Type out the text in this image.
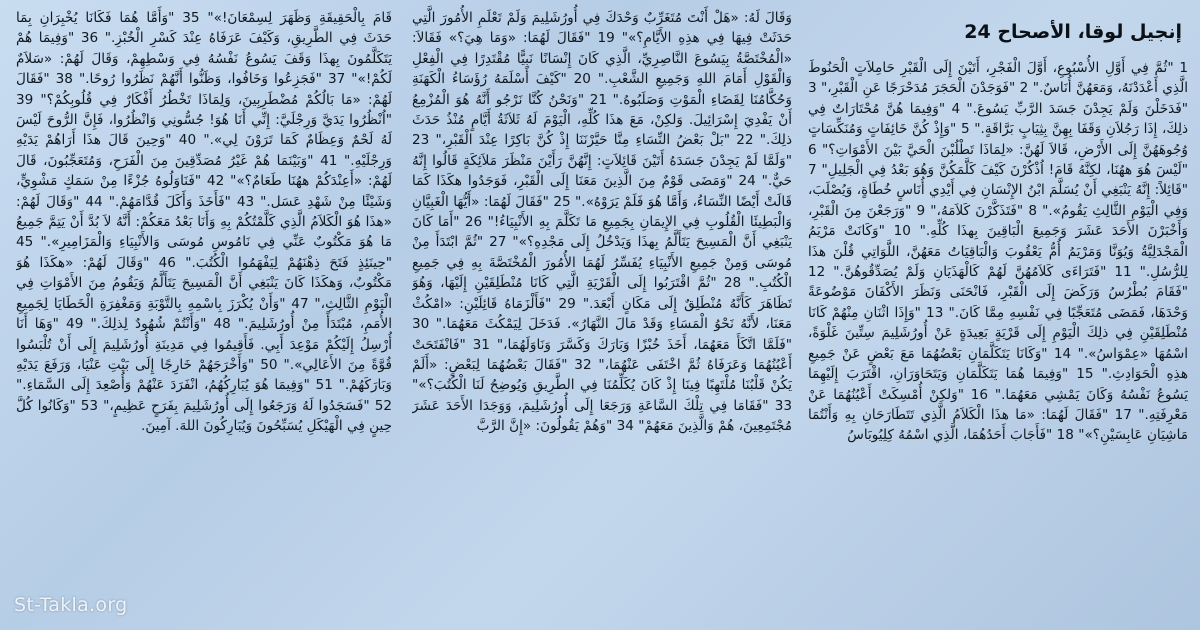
إنجيل لوقا، الأصحاح 24
1 "ثُمَّ فِي أَوَّلِ الأُسْبُوعِ، أَوَّلَ الْفَجْرِ، أَتَيْنَ إِلَى الْقَبْرِ حَامِلاَتٍ الْحَنُوطَ الَّذِي أَعْدَدْنَهُ، وَمَعَهُنَّ أُنَاسٌ." 2 "فَوَجَدْنَ الْحَجَرَ مُدَحْرَجًا عَنِ الْقَبْرِ،" 3 "فَدَخَلْنَ وَلَمْ يَجِدْنَ جَسَدَ الرَّبِّ يَسُوعَ." 4 "وَفِيمَا هُنَّ مُحْتَارَاتٌ فِي ذلِكَ، إِذَا رَجُلاَنِ وَقَفَا بِهِنَّ بِثِيَابٍ بَرَّاقَةٍ." 5 "وَإِذْ كُنَّ خَائِفَاتٍ وَمُنَكِّسَاتٍ وُجُوهَهُنَّ إِلَى الأَرْضِ، قَالاَ لَهُنَّ: «لِمَاذَا تَطْلُبْنَ الْحَيَّ بَيْنَ الأَمْوَاتِ؟" 6 "لَيْسَ هُوَ ههُنَا، لكِنَّهُ قَامَ! اُذْكُرْنَ كَيْفَ كَلَّمَكُنَّ وَهُوَ بَعْدُ فِي الْجَلِيلِ" 7 "قَائِلاً: إِنَّهُ يَنْبَغِي أَنْ يُسَلَّمَ ابْنُ الإِنْسَانِ فِي أَيْدِي أُنَاسٍ خُطَاةٍ، وَيُصْلَبَ، وَفِي الْيَوْمِ الثَّالِثِ يَقُومُ»." 8 "فَتَذَكَّرْنَ كَلاَمَهُ،" 9 "وَرَجَعْنَ مِنَ الْقَبْرِ، وَأَخْبَرْنَ الأَحَدَ عَشَرَ وَجَمِيعَ الْبَاقِينَ بِهذَا كُلِّهِ." 10 "وَكَانَتْ مَرْيَمُ الْمَجْدَلِيَّةُ وَيُوَنَّا وَمَرْيَمُ أُمُّ يَعْقُوبَ وَالْبَاقِيَاتُ مَعَهُنَّ، اللَّوَاتِي قُلْنَ هذَا لِلرُّسُلِ." 11 "فَتَرَاءَى كَلاَمُهُنَّ لَهُمْ كَالْهَذَيَانِ وَلَمْ يُصَدِّقُوهُنَّ." 12 "فَقَامَ بُطْرُسُ وَرَكَضَ إِلَى الْقَبْرِ، فَانْحَنَى وَنَظَرَ الأَكْفَانَ مَوْضُوعَةً وَحْدَهَا، فَمَضَى مُتَعَجِّبًا فِي نَفْسِهِ مِمَّا كَانَ." 13 "وَإِذَا اثْنَانِ مِنْهُمْ كَانَا مُنْطَلِقَيْنِ فِي ذلِكَ الْيَوْمِ إِلَى قَرْيَةٍ بَعِيدَةٍ عَنْ أُورُشَلِيمَ سِتِّينَ غَلْوَةً، اسْمُهَا «عِمْوَاسُ»." 14 "وَكَانَا يَتَكَلَّمَانِ بَعْضُهُمَا مَعَ بَعْضٍ عَنْ جَمِيعِ هذِهِ الْحَوَادِثِ." 15 "وَفِيمَا هُمَا يَتَكَلَّمَانِ وَيَتَحَاوَرَانِ، اقْتَرَبَ إِلَيْهِمَا يَسُوعُ نَفْسُهُ وَكَانَ يَمْشِي مَعَهُمَا." 16 "وَلكِنْ أُمْسِكَتْ أَعْيُنُهُمَا عَنْ مَعْرِفَتِهِ." 17 "فَقَالَ لَهُمَا: «مَا هذَا الْكَلاَمُ الَّذِي تَتَطَارَحَانِ بِهِ وَأَنْتُمَا مَاشِيَانِ عَابِسَيْنِ؟»" 18 "فَأَجَابَ أَحَدُهُمَا، الَّذِي اسْمُهُ كِلِيُوبَاسُ
وَقَالَ لَهُ: «هَلْ أَنْتَ مُتَغَرِّبٌ وَحْدَكَ فِي أُورُشَلِيمَ وَلَمْ تَعْلَمِ الأُمُورَ الَّتِي حَدَثَتْ فِيهَا فِي هذِهِ الأَيَّامِ؟»" 19 "فَقَالَ لَهُمَا: «وَمَا هِيَ؟» فَقَالاَ: «الْمُخْتَصَّةُ بِيَسُوعَ النَّاصِرِيِّ، الَّذِي كَانَ إِنْسَانًا نَبِيًّا مُقْتَدِرًا فِي الْفِعْلِ وَالْقَوْلِ أَمَامَ اللهِ وَجَمِيعِ الشَّعْبِ." 20 "كَيْفَ أَسْلَمَهُ رُؤَسَاءُ الْكَهَنَةِ وَحُكَّامُنَا لِقَضَاءِ الْمَوْتِ وَصَلَبُوهُ." 21 "وَنَحْنُ كُنَّا نَرْجُو أَنَّهُ هُوَ الْمُزْمِعُ أَنْ يَفْدِيَ إِسْرَائِيلَ. وَلكِنْ، مَعَ هذَا كُلِّهِ، الْيَوْمَ لَهُ ثَلاَثَةُ أَيَّامٍ مُنْذُ حَدَثَ ذلِكَ." 22 "بَلْ بَعْضُ النِّسَاءِ مِنَّا حَيَّرْنَنَا إِذْ كُنَّ بَاكِرًا عِنْدَ الْقَبْرِ،" 23 "وَلَمَّا لَمْ يَجِدْنَ جَسَدَهُ أَتَيْنَ قَائِلاَتٍ: إِنَّهُنَّ رَأَيْنَ مَنْظَرَ مَلاَئِكَةٍ قَالُوا إِنَّهُ حَيٌّ." 24 "وَمَضَى قَوْمٌ مِنَ الَّذِينَ مَعَنَا إِلَى الْقَبْرِ، فَوَجَدُوا هكَذَا كَمَا قَالَتْ أَيْضًا النِّسَاءُ، وَأَمَّا هُوَ فَلَمْ يَرَوْهُ»." 25 "فَقَالَ لَهُمَا: «أَيُّهَا الْغَبِيَّانِ وَالْبَطِيئَا الْقُلُوبِ فِي الإِيمَانِ بِجَمِيعِ مَا تَكَلَّمَ بِهِ الأَنْبِيَاءُ!" 26 "أَمَا كَانَ يَنْبَغِي أَنَّ الْمَسِيحَ يَتَأَلَّمُ بِهذَا وَيَدْخُلُ إِلَى مَجْدِهِ؟»" 27 "ثُمَّ ابْتَدَأَ مِنْ مُوسَى وَمِنْ جَمِيعِ الأَنْبِيَاءِ يُفَسِّرُ لَهُمَا الأُمُورَ الْمُخْتَصَّةَ بِهِ فِي جَمِيعِ الْكُتُبِ." 28 "ثُمَّ اقْتَرَبُوا إِلَى الْقَرْيَةِ الَّتِي كَانَا مُنْطَلِقَيْنِ إِلَيْهَا، وَهُوَ تَظَاهَرَ كَأَنَّهُ مُنْطَلِقٌ إِلَى مَكَانٍ أَبْعَدَ." 29 "فَأَلْزَمَاهُ قَائِلَيْنِ: «امْكُثْ مَعَنَا، لأَنَّهُ نَحْوُ الْمَسَاءِ وَقَدْ مَالَ النَّهَارُ». فَدَخَلَ لِيَمْكُثَ مَعَهُمَا." 30 "فَلَمَّا اتَّكَأَ مَعَهُمَا، أَخَذَ خُبْزًا وَبَارَكَ وَكَسَّرَ وَنَاوَلَهُمَا،" 31 "فَانْفَتَحَتْ أَعْيُنُهُمَا وَعَرَفَاهُ ثُمَّ اخْتَفَى عَنْهُمَا،" 32 "فَقَالَ بَعْضُهُمَا لِبَعْضٍ: «أَلَمْ يَكُنْ قَلْبُنَا مُلْتَهِبًا فِينَا إِذْ كَانَ يُكَلِّمُنَا فِي الطَّرِيقِ وَيُوضِحُ لَنَا الْكُتُبَ؟»" 33 "فَقَامَا فِي تِلْكَ السَّاعَةِ وَرَجَعَا إِلَى أُورُشَلِيمَ، وَوَجَدَا الأَحَدَ عَشَرَ مُجْتَمِعِينَ، هُمْ وَالَّذِينَ مَعَهُمْ" 34 "وَهُمْ يَقُولُونَ: «إِنَّ الرَّبَّ
قَامَ بِالْحَقِيقَةِ وَظَهَرَ لِسِمْعَانَ!»" 35 "وَأَمَّا هُمَا فَكَانَا يُخْبِرَانِ بِمَا حَدَثَ فِي الطَّرِيقِ، وَكَيْفَ عَرَفَاهُ عِنْدَ كَسْرِ الْخُبْزِ." 36 "وَفِيمَا هُمْ يَتَكَلَّمُونَ بِهذَا وَقَفَ يَسُوعُ نَفْسُهُ فِي وَسْطِهِمْ، وَقَالَ لَهُمْ: «سَلاَمٌ لَكُمْ!»" 37 "فَجَزِعُوا وَخَافُوا، وَظَنُّوا أَنَّهُمْ نَظَرُوا رُوحًا." 38 "فَقَالَ لَهُمْ: «مَا بَالُكُمْ مُضْطَرِبِينَ، وَلِمَاذَا تَخْطُرُ أَفْكَارٌ فِي قُلُوبِكُمْ؟" 39 "اُنْظُرُوا يَدَيَّ وَرِجْلَيَّ: إِنِّي أَنَا هُوَ! جُسُّونِي وَانْظُرُوا، فَإِنَّ الرُّوحَ لَيْسَ لَهُ لَحْمٌ وَعِظَامٌ كَمَا تَرَوْنَ لِي»." 40 "وَحِينَ قَالَ هذَا أَرَاهُمْ يَدَيْهِ وَرِجْلَيْهِ." 41 "وَبَيْنَمَا هُمْ غَيْرُ مُصَدِّقِينَ مِنَ الْفَرَحِ، وَمُتَعَجِّبُونَ، قَالَ لَهُمْ: «أَعِنْدَكُمْ ههُنَا طَعَامٌ؟»" 42 "فَنَاوَلُوهُ جُزْءًا مِنْ سَمَكٍ مَشْوِيٍّ، وَشَيْئًا مِنْ شَهْدِ عَسَل." 43 "فَأَخَذَ وَأَكَلَ قُدَّامَهُمْ." 44 "وَقَالَ لَهُمْ: «هذَا هُوَ الْكَلاَمُ الَّذِي كَلَّمْتُكُمْ بِهِ وَأَنَا بَعْدُ مَعَكُمْ: أَنَّهُ لاَ بُدَّ أَنْ يَتِمَّ جَمِيعُ مَا هُوَ مَكْتُوبٌ عَنِّي فِي نَامُوسِ مُوسَى وَالأَنْبِيَاءِ وَالْمَزَامِيرِ»." 45 "حِينَئِذٍ فَتَحَ ذِهْنَهُمْ لِيَفْهَمُوا الْكُتُبَ." 46 "وَقَالَ لَهُمْ: «هكَذَا هُوَ مَكْتُوبٌ، وَهكَذَا كَانَ يَنْبَغِي أَنَّ الْمَسِيحَ يَتَأَلَّمُ وَيَقُومُ مِنَ الأَمْوَاتِ فِي الْيَوْمِ الثَّالِثِ،" 47 "وَأَنْ يُكْرَزَ بِاسْمِهِ بِالتَّوْبَةِ وَمَغْفِرَةِ الْخَطَايَا لِجَمِيعِ الأُمَمِ، مُبْتَدَأً مِنْ أُورُشَلِيمَ." 48 "وَأَنْتُمْ شُهُودٌ لِذلِكَ." 49 "وَهَا أَنَا أُرْسِلُ إِلَيْكُمْ مَوْعِدَ أَبِي. فَأَقِيمُوا فِي مَدِينَةِ أُورُشَلِيمَ إِلَى أَنْ تُلْبَسُوا قُوَّةً مِنَ الأَعَالِي»." 50 "وَأَخْرَجَهُمْ خَارِجًا إِلَى بَيْتِ عَنْيَا، وَرَفَعَ يَدَيْهِ وَبَارَكَهُمْ." 51 "وَفِيمَا هُوَ يُبَارِكُهُمُ، انْفَرَدَ عَنْهُمْ وَأُصْعِدَ إِلَى السَّمَاءِ." 52 "فَسَجَدُوا لَهُ وَرَجَعُوا إِلَى أُورُشَلِيمَ بِفَرَحٍ عَظِيمٍ،" 53 "وَكَانُوا كُلَّ حِينٍ فِي الْهَيْكَلِ يُسَبِّحُونَ وَيُبَارِكُونَ اللهَ. آمِينَ.
St-Takla.org
